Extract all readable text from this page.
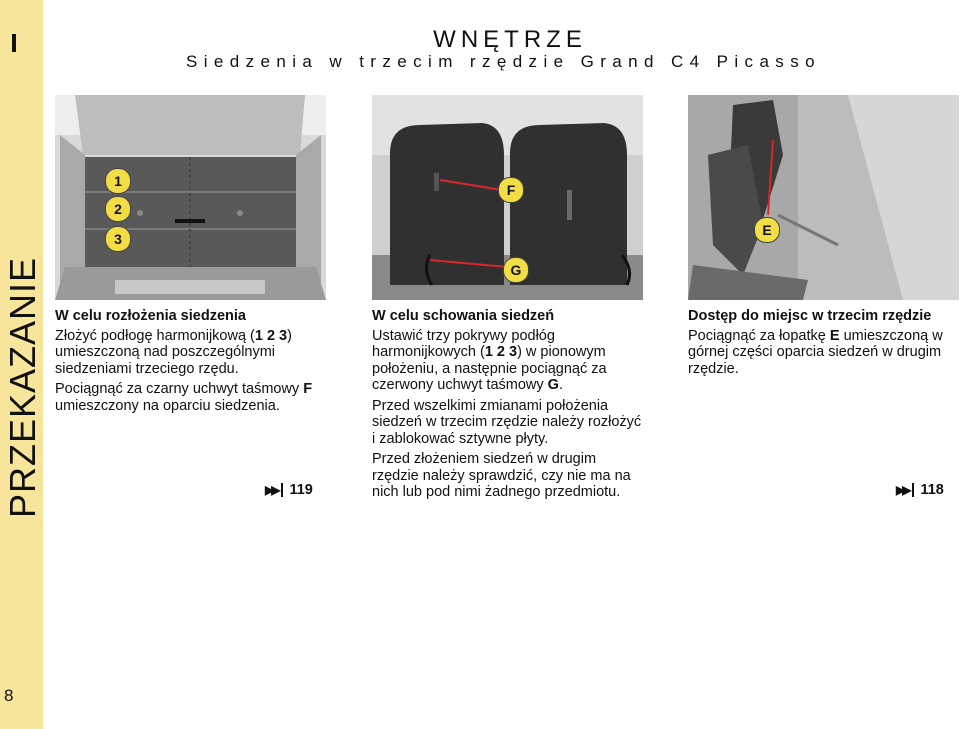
PRZEKAZANIE
8
WNĘTRZE
Siedzenia w trzecim rzędzie Grand C4 Picasso
1
2
3
F
G
E

W celu rozłożenia siedzenia

Złożyć podłogę harmonijkową (1 2 3) umieszczoną nad poszczególnymi siedzeniami trzeciego rzędu.

Pociągnąć za czarny uchwyt taśmowy F umieszczony na oparciu siedzenia.

▶▶ 119

W celu schowania siedzeń

Ustawić trzy pokrywy podłóg harmonijkowych (1 2 3) w pionowym położeniu, a następnie pociągnąć za czerwony uchwyt taśmowy G.

Przed wszelkimi zmianami położenia siedzeń w trzecim rzędzie należy rozłożyć i zablokować sztywne płyty.

Przed złożeniem siedzeń w drugim rzędzie należy sprawdzić, czy nie ma na nich lub pod nimi żadnego przedmiotu.

Dostęp do miejsc w trzecim rzędzie

Pociągnąć za łopatkę E umieszczoną w górnej części oparcia siedzeń w drugim rzędzie.

▶▶ 118
